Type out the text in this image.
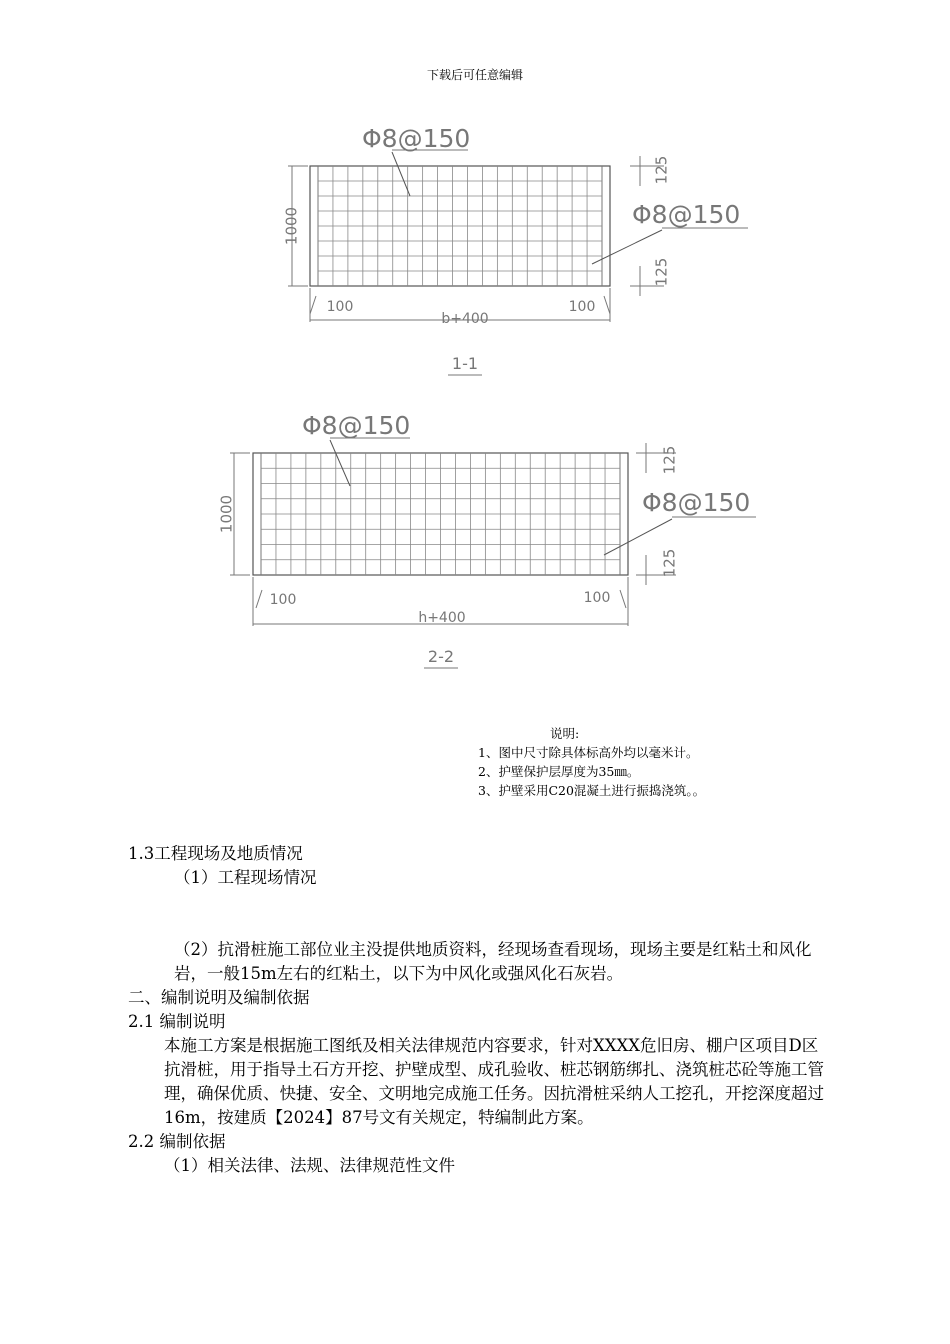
下载后可任意编辑
1000
Φ8@150
125
125
Φ8@150
100	100
b+400
1-1
1000
Φ8@150
125
125
Φ8@150
100	100
h+400
2-2
说明:
1、图中尺寸除具体标高外均以毫米计。
2、护壁保护层厚度为35㎜。
3、护壁采用C20混凝土进行振捣浇筑。。

1.3工程现场及地质情况

（1）工程现场情况

（2）抗滑桩施工部位业主没提供地质资料，经现场查看现场，现场主要是红粘土和风化岩，一般15m左右的红粘土，以下为中风化或强风化石灰岩。

二、编制说明及编制依据

2.1 编制说明

本施工方案是根据施工图纸及相关法律规范内容要求，针对XXXX危旧房、棚户区项目D区抗滑桩，用于指导土石方开挖、护壁成型、成孔验收、桩芯钢筋绑扎、浇筑桩芯砼等施工管理，确保优质、快捷、安全、文明地完成施工任务。因抗滑桩采纳人工挖孔，开挖深度超过16m，按建质【2024】87号文有关规定，特编制此方案。

2.2 编制依据

（1）相关法律、法规、法律规范性文件
